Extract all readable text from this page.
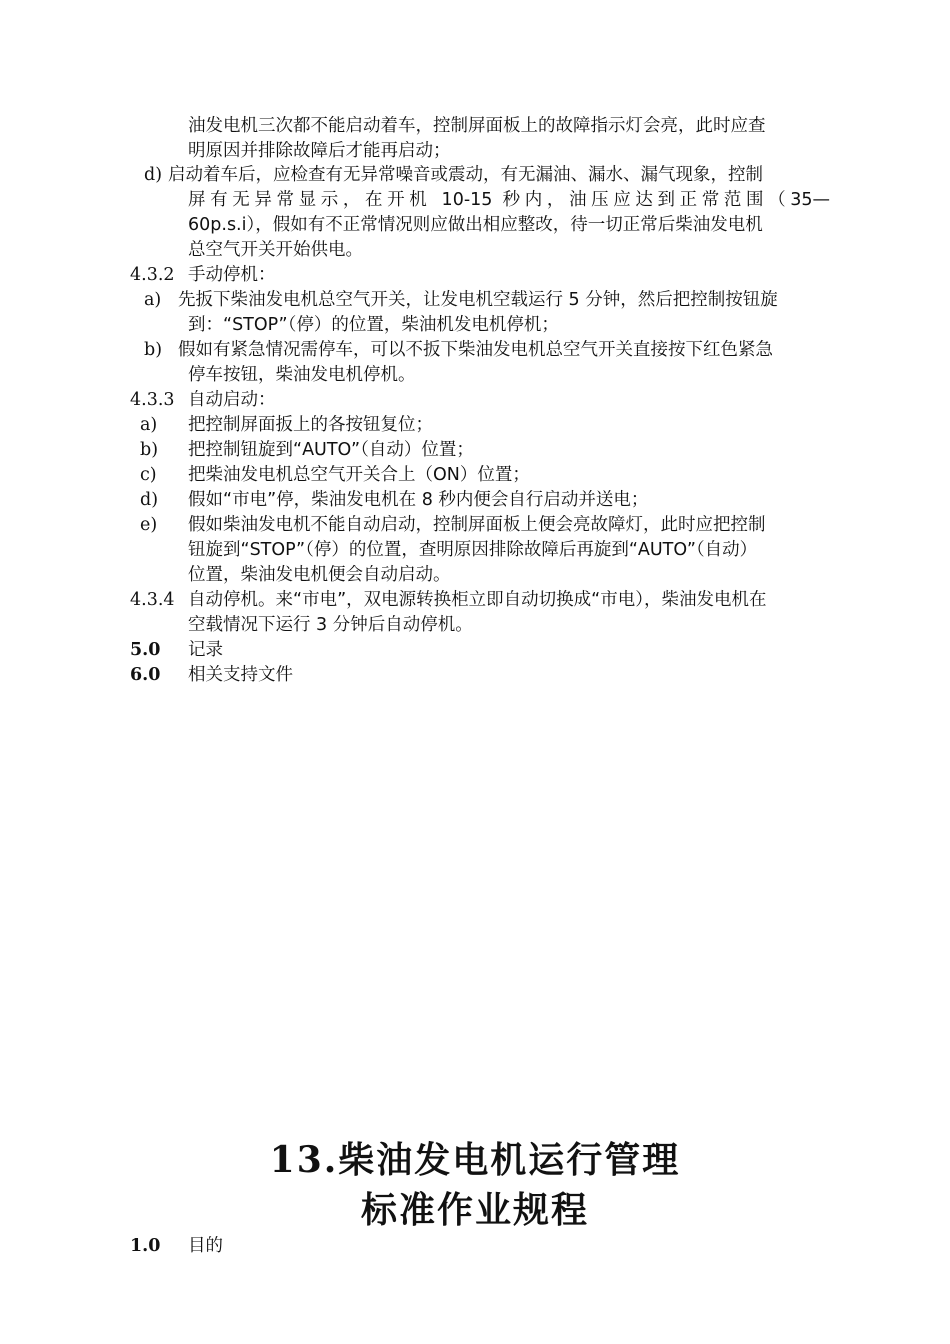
油发电机三次都不能启动着车，控制屏面板上的故障指示灯会亮，此时应查
明原因并排除故障后才能再启动；
d) 启动着车后，应检查有无异常噪音或震动，有无漏油、漏水、漏气现象，控制
屏有无异常显示，在开机 10-15 秒内，油压应达到正常范围（35—
60p.s.i），假如有不正常情况则应做出相应整改，待一切正常后柴油发电机
总空气开关开始供电。
4.3.2 手动停机：
a) 先扳下柴油发电机总空气开关，让发电机空载运行 5 分钟，然后把控制按钮旋
到：“STOP”（停）的位置，柴油机发电机停机；
b) 假如有紧急情况需停车，可以不扳下柴油发电机总空气开关直接按下红色紧急
停车按钮，柴油发电机停机。
4.3.3 自动启动：
a) 把控制屏面扳上的各按钮复位；
b) 把控制钮旋到“AUTO”（自动）位置；
c) 把柴油发电机总空气开关合上（ON）位置；
d) 假如“市电”停，柴油发电机在 8 秒内便会自行启动并送电；
e) 假如柴油发电机不能自动启动，控制屏面板上便会亮故障灯，此时应把控制
钮旋到“STOP”（停）的位置，查明原因排除故障后再旋到“AUTO”（自动）
位置，柴油发电机便会自动启动。
4.3.4 自动停机。来“市电”，双电源转换柜立即自动切换成“市电），柴油发电机在
空载情况下运行 3 分钟后自动停机。
5.0 记录
6.0 相关支持文件
13.柴油发电机运行管理
标准作业规程
1.0 目的
